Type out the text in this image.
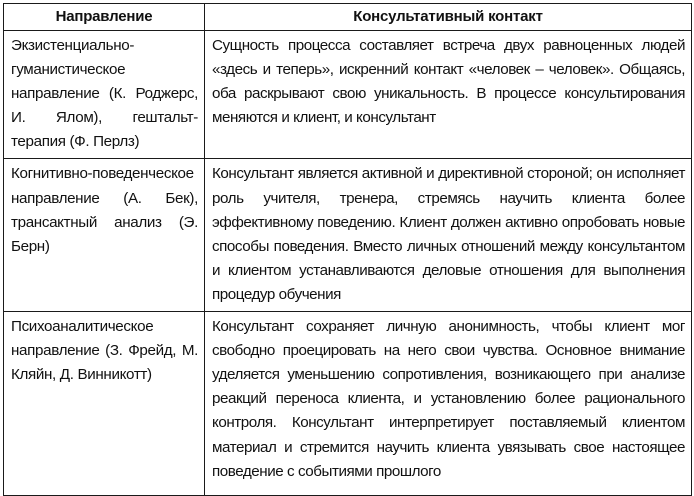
Направление	Консультативный контакт
Экзистенциально-гуманистическое направление (К. Роджерс, И. Ялом), гештальт-терапия (Ф. Перлз)	Сущность процесса составляет встреча двух равноценных людей «здесь и теперь», искренний контакт «человек – человек». Общаясь, оба раскрывают свою уникальность. В процессе консультирования меняются и клиент, и консультант
Когнитивно-поведенческое направление (А. Бек), трансактный анализ (Э. Берн)	Консультант является активной и директивной стороной; он исполняет роль учителя, тренера, стремясь научить клиента более эффективному поведению. Клиент должен активно опробовать новые способы поведения. Вместо личных отношений между консультантом и клиентом устанавливаются деловые отношения для выполнения процедур обучения
Психоаналитическое направление (З. Фрейд, М. Кляйн, Д. Винникотт)	Консультант сохраняет личную анонимность, чтобы клиент мог свободно проецировать на него свои чувства. Основное внимание уделяется уменьшению сопротивления, возникающего при анализе реакций переноса клиента, и установлению более рационального контроля. Консультант интерпретирует поставляемый клиентом материал и стремится научить клиента увязывать свое настоящее поведение с событиями прошлого
